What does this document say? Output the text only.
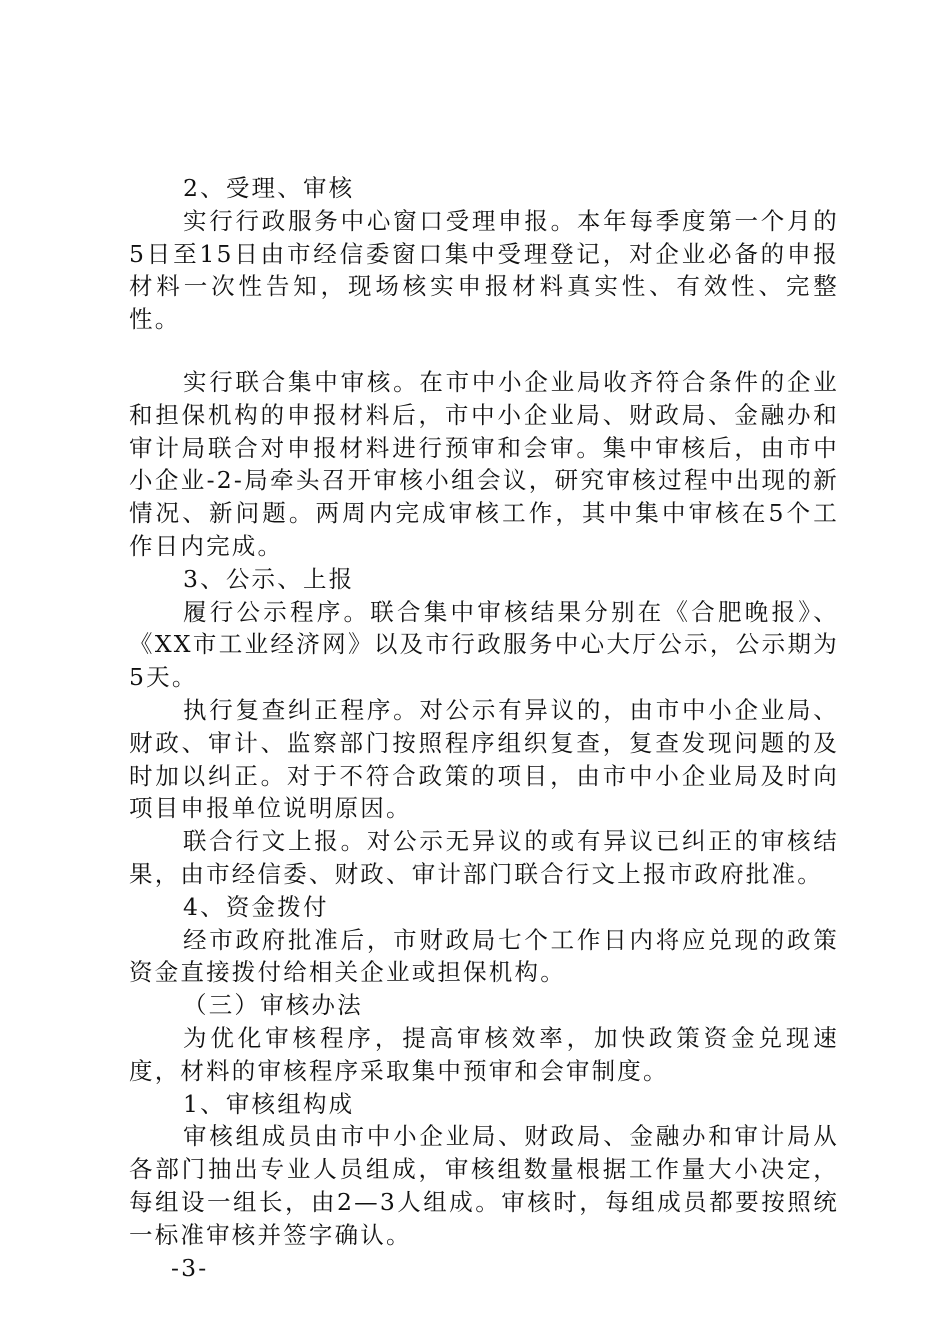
2、受理、审核

实行行政服务中心窗口受理申报。本年每季度第一个月的5日至15日由市经信委窗口集中受理登记，对企业必备的申报材料一次性告知，现场核实申报材料真实性、有效性、完整性。

实行联合集中审核。在市中小企业局收齐符合条件的企业和担保机构的申报材料后，市中小企业局、财政局、金融办和审计局联合对申报材料进行预审和会审。集中审核后，由市中小企业-2-局牵头召开审核小组会议，研究审核过程中出现的新情况、新问题。两周内完成审核工作，其中集中审核在5个工作日内完成。

3、公示、上报

履行公示程序。联合集中审核结果分别在《合肥晚报》、《XX市工业经济网》以及市行政服务中心大厅公示，公示期为5天。

执行复查纠正程序。对公示有异议的，由市中小企业局、财政、审计、监察部门按照程序组织复查，复查发现问题的及时加以纠正。对于不符合政策的项目，由市中小企业局及时向项目申报单位说明原因。

联合行文上报。对公示无异议的或有异议已纠正的审核结果，由市经信委、财政、审计部门联合行文上报市政府批准。

4、资金拨付

经市政府批准后，市财政局七个工作日内将应兑现的政策资金直接拨付给相关企业或担保机构。

（三）审核办法

为优化审核程序，提高审核效率，加快政策资金兑现速度，材料的审核程序采取集中预审和会审制度。

1、审核组构成

审核组成员由市中小企业局、财政局、金融办和审计局从各部门抽出专业人员组成，审核组数量根据工作量大小决定，每组设一组长，由2—3人组成。审核时，每组成员都要按照统一标准审核并签字确认。

-3-
